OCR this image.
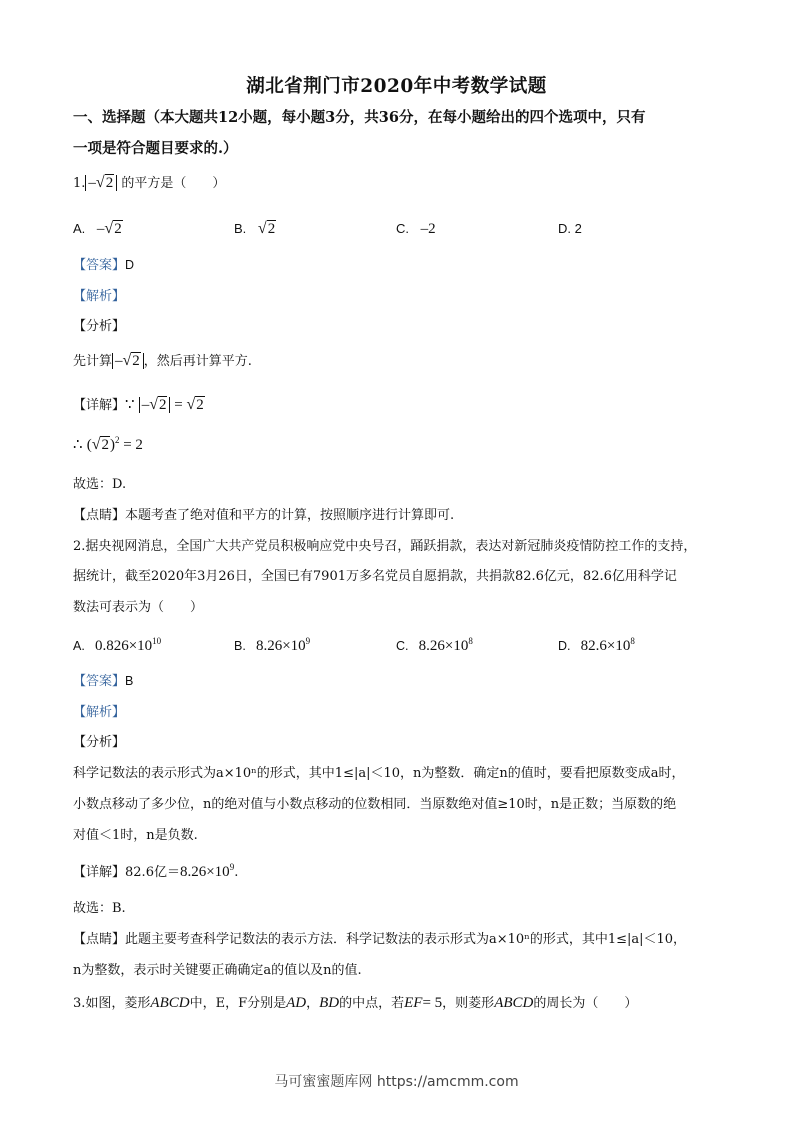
湖北省荆门市2020年中考数学试题
一、选择题（本大题共12小题，每小题3分，共36分，在每小题给出的四个选项中，只有
一项是符合题目要求的.）
1. –√2 的平方是（　　）
A. –√2	B. √2	C. –2	D. 2
【答案】D
【解析】
【分析】
先计算 –√2 ，然后再计算平方.
【详解】∵ –√2 = √2
∴ $(√2)^2 = 2$
故选：D.
【点睛】本题考查了绝对值和平方的计算，按照顺序进行计算即可.
2.据央视网消息，全国广大共产党员积极响应党中央号召，踊跃捐款，表达对新冠肺炎疫情防控工作的支持，
据统计，截至2020年3月26日，全国已有7901万多名党员自愿捐款，共捐款82.6亿元，82.6亿用科学记
数法可表示为（　　）
A. $0.826\times 10^{10}$	B. $8.26\times 10^9$	C. $8.26\times 10^8$	D. $82.6\times 10^8$
【答案】B
【解析】
【分析】
科学记数法的表示形式为a×10ⁿ的形式，其中1≤|a|＜10，n为整数．确定n的值时，要看把原数变成a时，
小数点移动了多少位，n的绝对值与小数点移动的位数相同．当原数绝对值≥10时，n是正数；当原数的绝
对值＜1时，n是负数.
【详解】82.6亿$=8.26\times 10^9$.
故选：B.
【点睛】此题主要考查科学记数法的表示方法．科学记数法的表示形式为a×10ⁿ的形式，其中1≤|a|＜10，
n为整数，表示时关键要正确确定a的值以及n的值.
3.如图，菱形ABCD中，E，F分别是AD，BD的中点，若EF= 5，则菱形ABCD的周长为（　　）
马可蜜蜜题库网 https://amcmm.com
